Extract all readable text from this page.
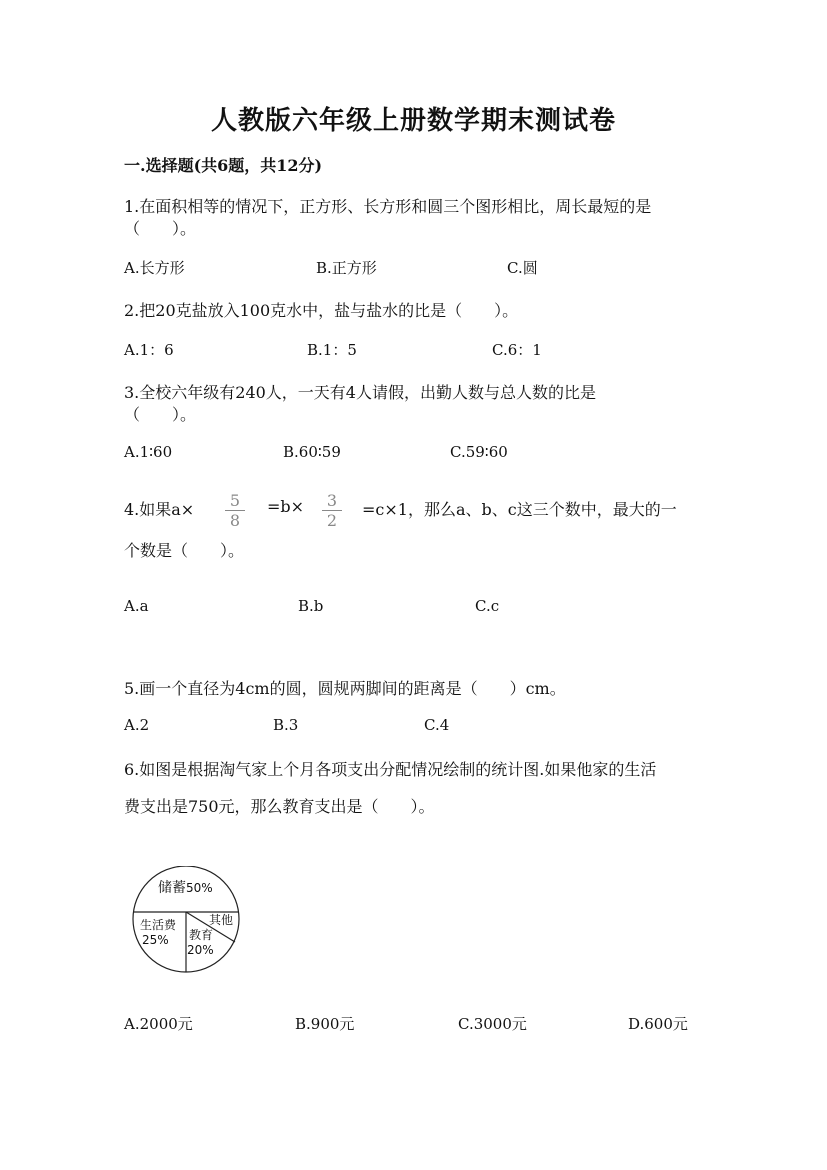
人教版六年级上册数学期末测试卷
一.选择题(共6题，共12分)
1.在面积相等的情况下，正方形、长方形和圆三个图形相比，周长最短的是
（　　）。
A.长方形	B.正方形	C.圆
2.把20克盐放入100克水中，盐与盐水的比是（　　）。
A.1：6	B.1：5	C.6：1
3.全校六年级有240人，一天有4人请假，出勤人数与总人数的比是
（　　）。
A.1∶60	B.60∶59	C.59∶60
4.如果a×	5
8
=b×	3
2
=c×1，那么a、b、c这三个数中，最大的一
个数是（　　）。
A.a	B.b	C.c
5.画一个直径为4cm的圆，圆规两脚间的距离是（　　）cm。
A.2	B.3	C.4
6.如图是根据淘气家上个月各项支出分配情况绘制的统计图.如果他家的生活
费支出是750元，那么教育支出是（　　）。
储蓄50%
生活费
25% 教育
20%
其他
A.2000元	B.900元	C.3000元	D.600元
